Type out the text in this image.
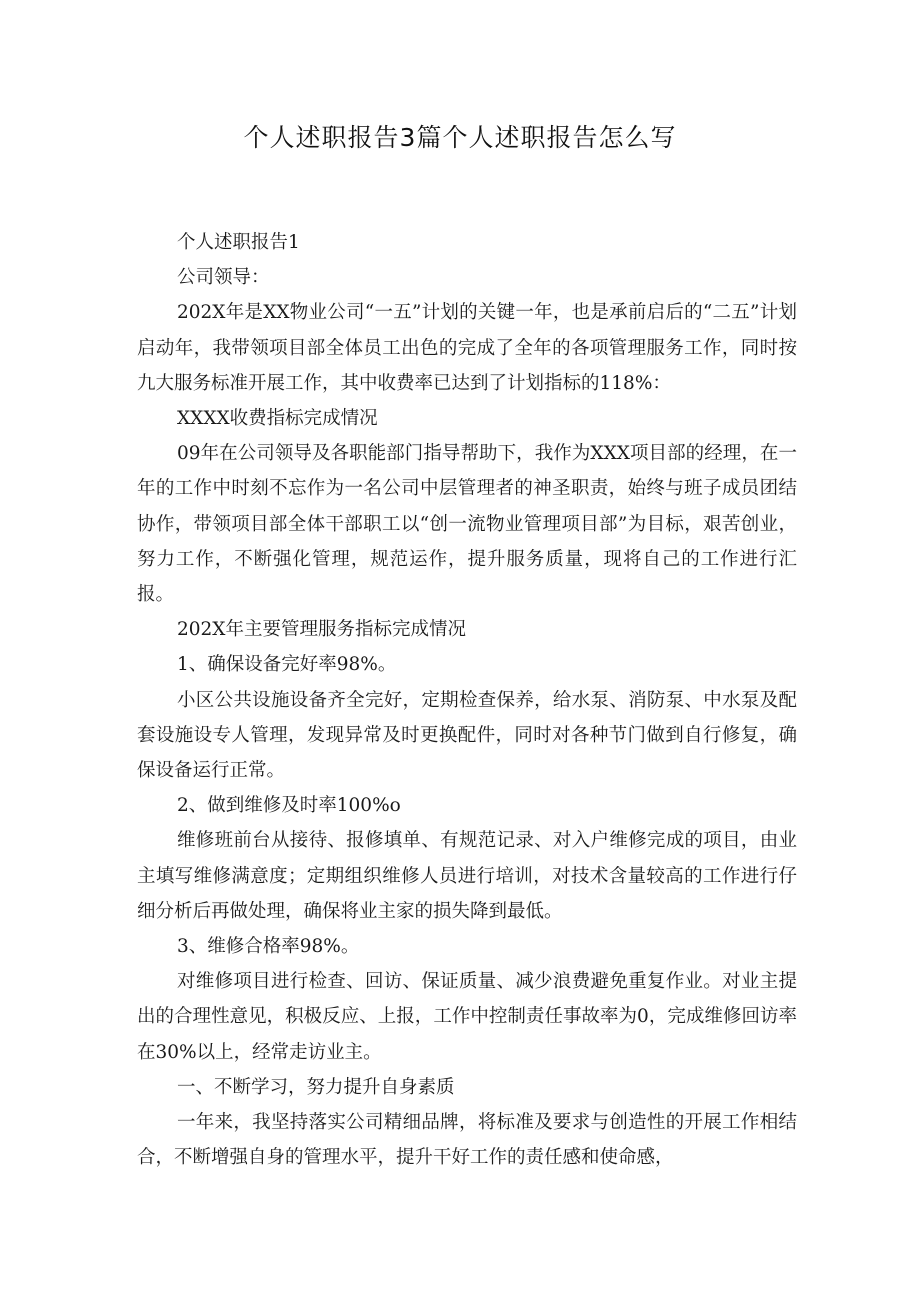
个人述职报告3篇个人述职报告怎么写

个人述职报告1

公司领导：

202X年是XX物业公司“一五”计划的关键一年，也是承前启后的“二五”计划启动年，我带领项目部全体员工出色的完成了全年的各项管理服务工作，同时按九大服务标准开展工作，其中收费率已达到了计划指标的118%：

XXXX收费指标完成情况

09年在公司领导及各职能部门指导帮助下，我作为XXX项目部的经理，在一年的工作中时刻不忘作为一名公司中层管理者的神圣职责，始终与班子成员团结协作，带领项目部全体干部职工以“创一流物业管理项目部”为目标，艰苦创业，努力工作，不断强化管理，规范运作，提升服务质量，现将自己的工作进行汇报。

202X年主要管理服务指标完成情况

1、确保设备完好率98%。

小区公共设施设备齐全完好，定期检查保养，给水泵、消防泵、中水泵及配套设施设专人管理，发现异常及时更换配件，同时对各种节门做到自行修复，确保设备运行正常。

2、做到维修及时率100%o

维修班前台从接待、报修填单、有规范记录、对入户维修完成的项目，由业主填写维修满意度；定期组织维修人员进行培训，对技术含量较高的工作进行仔细分析后再做处理，确保将业主家的损失降到最低。

3、维修合格率98%。

对维修项目进行检查、回访、保证质量、减少浪费避免重复作业。对业主提出的合理性意见，积极反应、上报，工作中控制责任事故率为0，完成维修回访率在30%以上，经常走访业主。

一、不断学习，努力提升自身素质

一年来，我坚持落实公司精细品牌，将标准及要求与创造性的开展工作相结合，不断增强自身的管理水平，提升干好工作的责任感和使命感，
